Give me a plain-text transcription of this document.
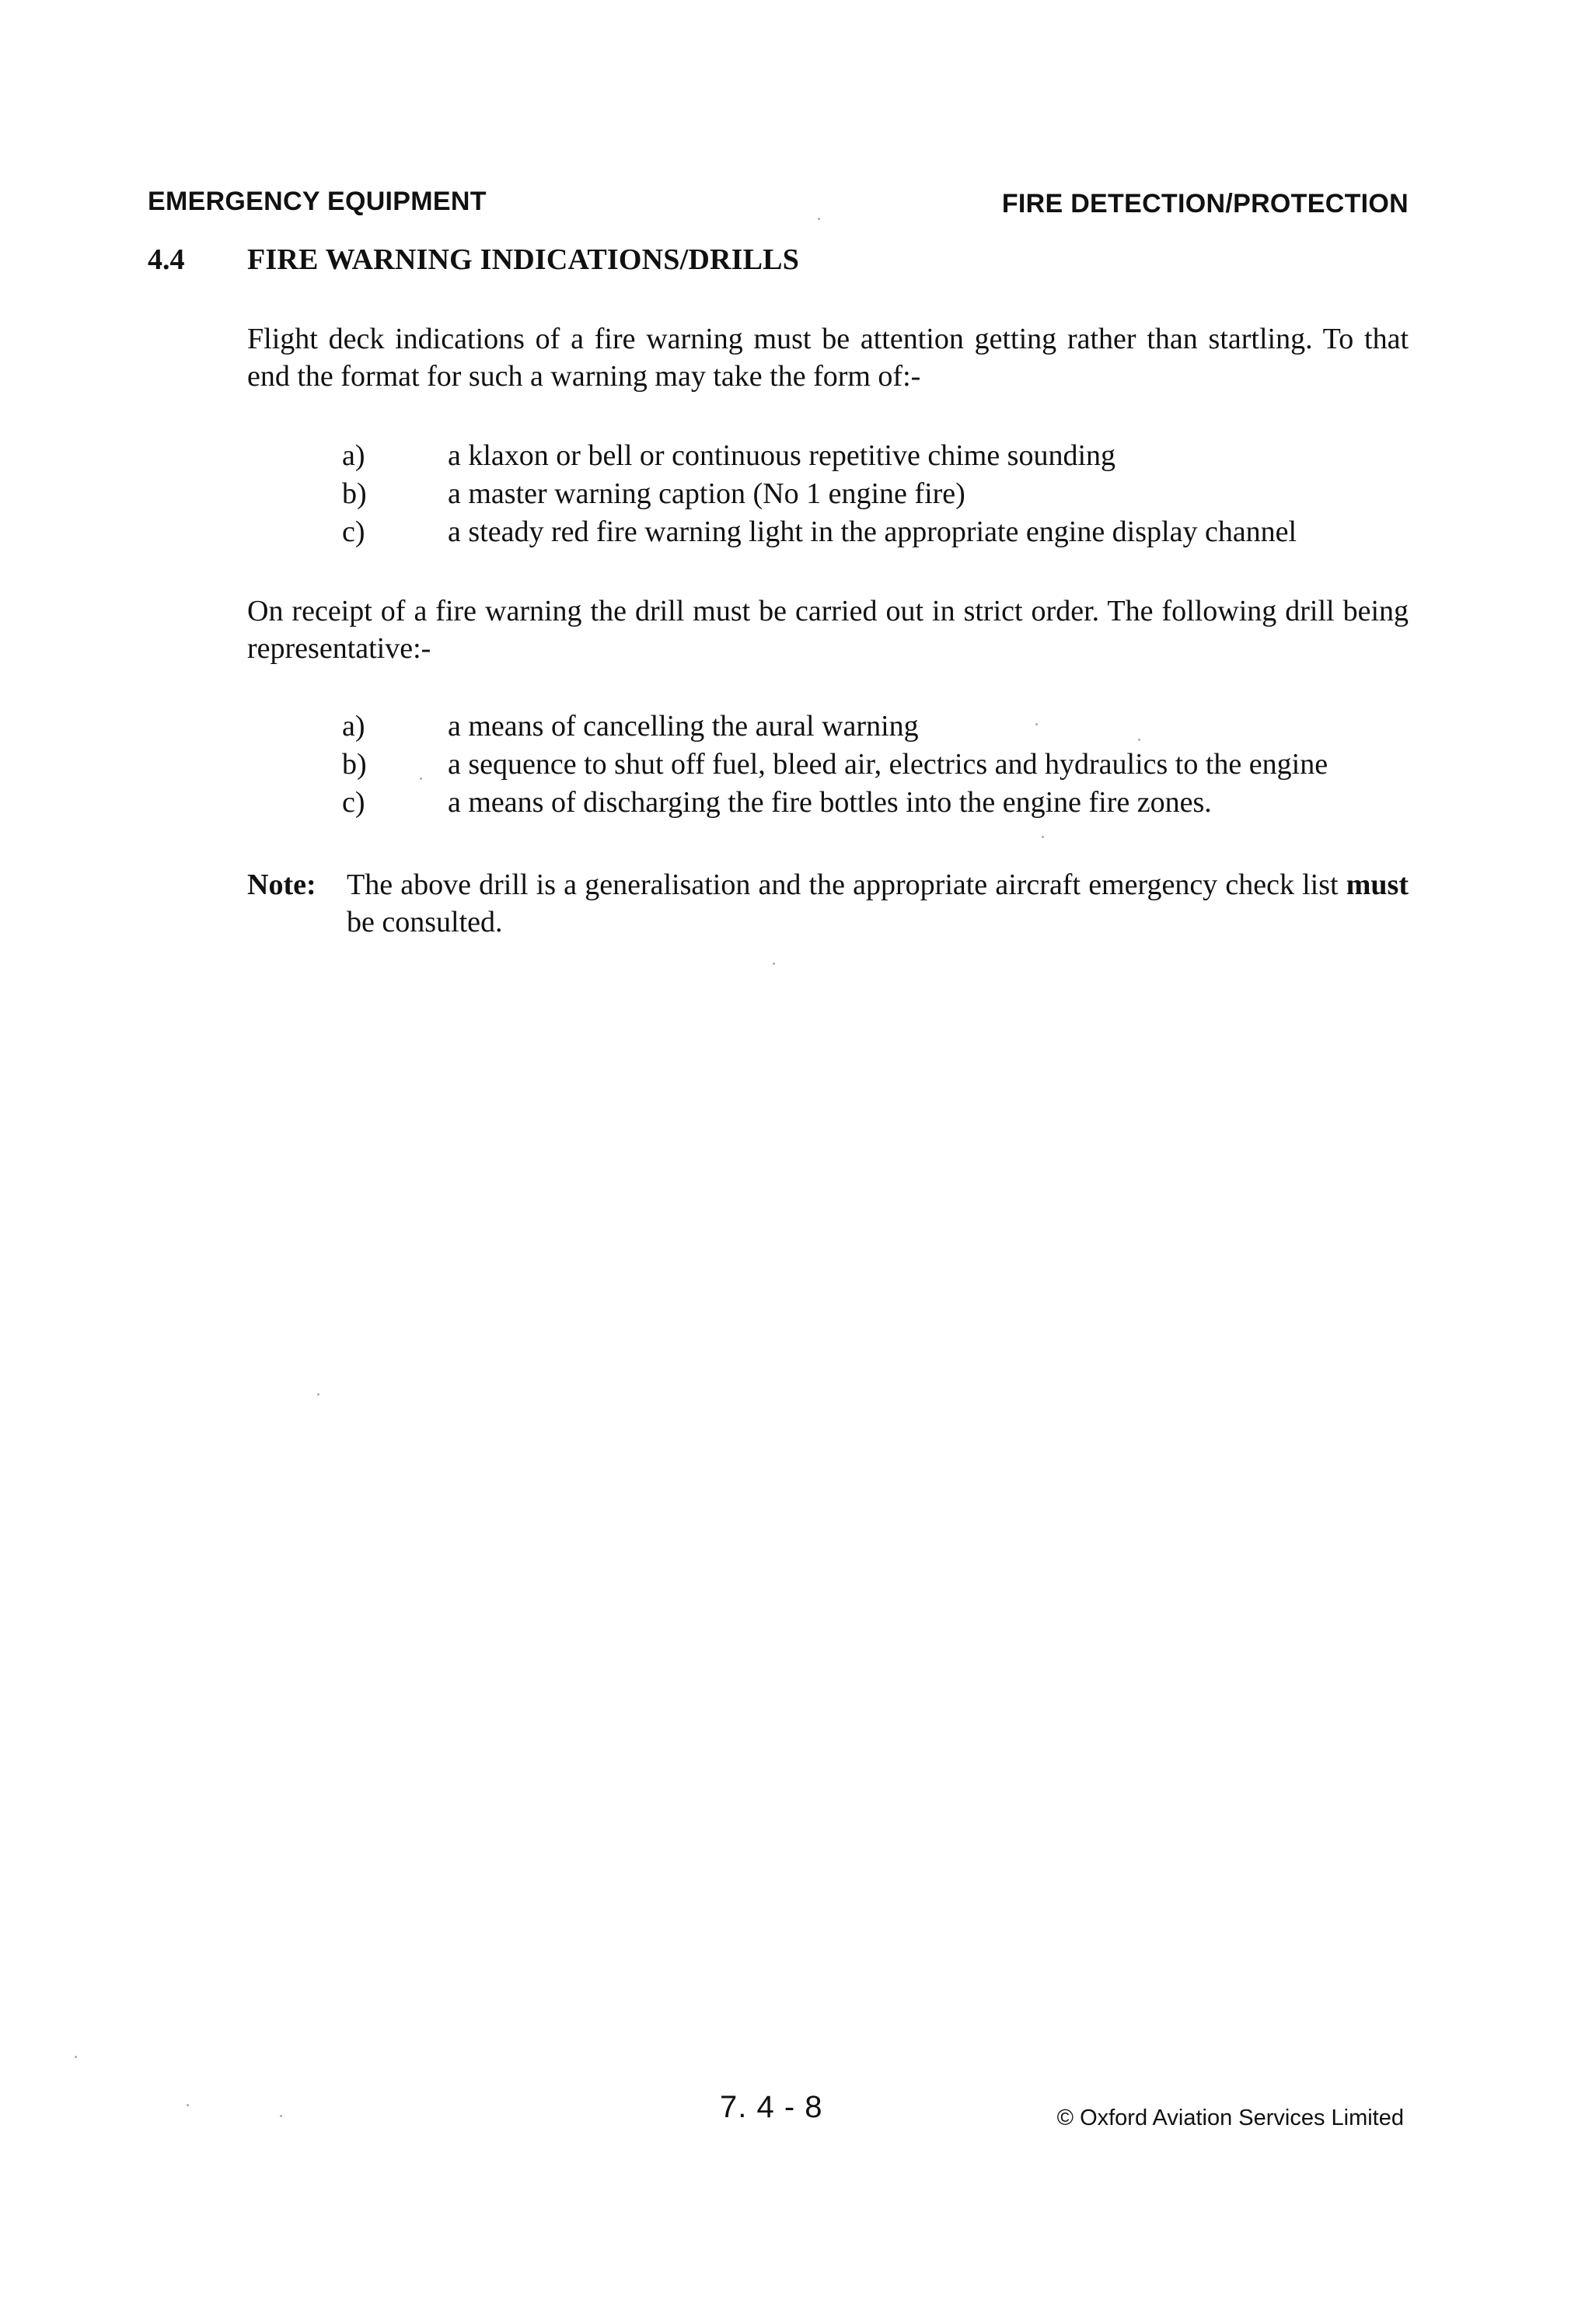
EMERGENCY EQUIPMENT	FIRE DETECTION/PROTECTION
4.4 FIRE WARNING INDICATIONS/DRILLS
Flight deck indications of a fire warning must be attention getting rather than startling. To that end the format for such a warning may take the form of:-
a)	a klaxon or bell or continuous repetitive chime sounding
b)	a master warning caption (No 1 engine fire)
c)	a steady red fire warning light in the appropriate engine display channel
On receipt of a fire warning the drill must be carried out in strict order. The following drill being representative:-
a)	a means of cancelling the aural warning
b)	a sequence to shut off fuel, bleed air, electrics and hydraulics to the engine
c)	a means of discharging the fire bottles into the engine fire zones.
Note: The above drill is a generalisation and the appropriate aircraft emergency check list must be consulted.
7. 4 - 8	© Oxford Aviation Services Limited
